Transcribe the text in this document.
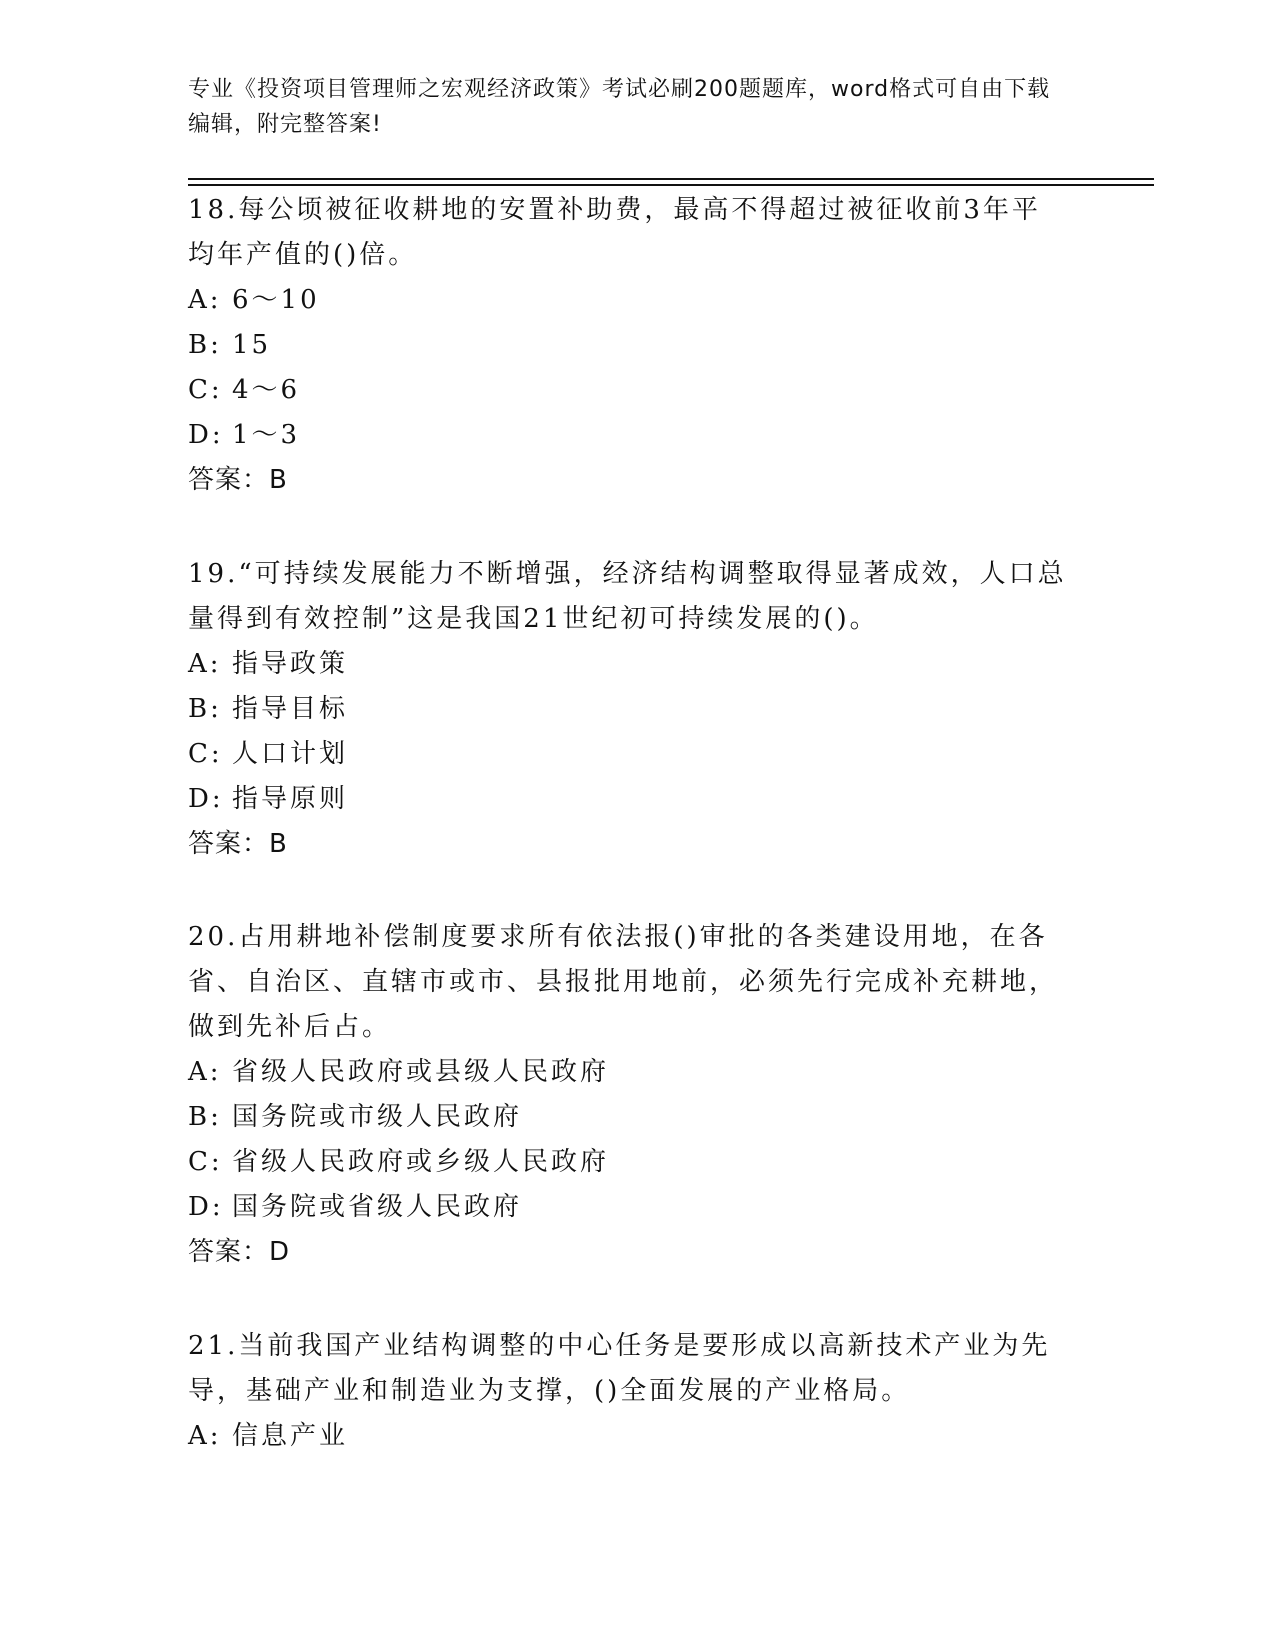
专业《投资项目管理师之宏观经济政策》考试必刷200题题库，word格式可自由下载编辑，附完整答案!

18.每公顷被征收耕地的安置补助费，最高不得超过被征收前3年平均年产值的()倍。

A: 6～10

B: 15

C: 4～6

D: 1～3

答案：B

19.“可持续发展能力不断增强，经济结构调整取得显著成效，人口总量得到有效控制”这是我国21世纪初可持续发展的()。

A: 指导政策

B: 指导目标

C: 人口计划

D: 指导原则

答案：B

20.占用耕地补偿制度要求所有依法报()审批的各类建设用地，在各省、自治区、直辖市或市、县报批用地前，必须先行完成补充耕地，做到先补后占。

A: 省级人民政府或县级人民政府

B: 国务院或市级人民政府

C: 省级人民政府或乡级人民政府

D: 国务院或省级人民政府

答案：D

21.当前我国产业结构调整的中心任务是要形成以高新技术产业为先导，基础产业和制造业为支撑，()全面发展的产业格局。

A: 信息产业
